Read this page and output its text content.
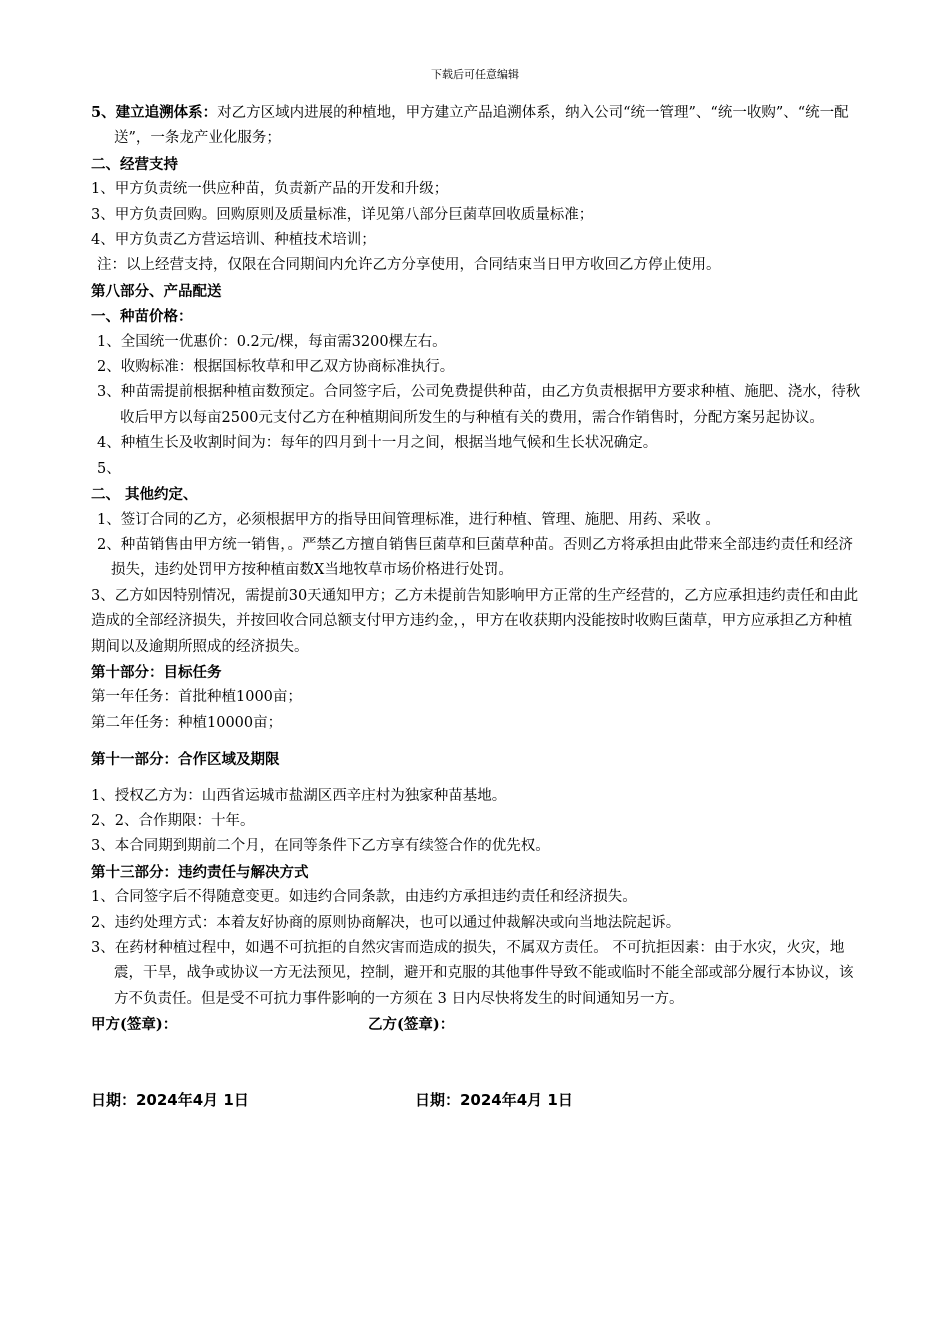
下载后可任意编辑
5、建立追溯体系：对乙方区域内进展的种植地，甲方建立产品追溯体系，纳入公司“统一管理”、“统一收购”、“统一配送”，一条龙产业化服务；
二、经营支持
1、甲方负责统一供应种苗，负责新产品的开发和升级；
3、甲方负责回购。回购原则及质量标准，详见第八部分巨菌草回收质量标准；
4、甲方负责乙方营运培训、种植技术培训；
注：以上经营支持，仅限在合同期间内允许乙方分享使用，合同结束当日甲方收回乙方停止使用。
第八部分、产品配送
一、种苗价格：
1、全国统一优惠价：0.2元/棵，每亩需3200棵左右。
2、收购标准：根据国标牧草和甲乙双方协商标准执行。
3、种苗需提前根据种植亩数预定。合同签字后，公司免费提供种苗，由乙方负责根据甲方要求种植、施肥、浇水，待秋收后甲方以每亩2500元支付乙方在种植期间所发生的与种植有关的费用，需合作销售时，分配方案另起协议。
4、种植生长及收割时间为：每年的四月到十一月之间，根据当地气候和生长状况确定。
5、
二、 其他约定、
1、签订合同的乙方，必须根据甲方的指导田间管理标准，进行种植、管理、施肥、用药、采收 。
2、种苗销售由甲方统一销售，。严禁乙方擅自销售巨菌草和巨菌草种苗。否则乙方将承担由此带来全部违约责任和经济损失，违约处罚甲方按种植亩数X当地牧草市场价格进行处罚。
3、乙方如因特别情况，需提前30天通知甲方；乙方未提前告知影响甲方正常的生产经营的，乙方应承担违约责任和由此造成的全部经济损失，并按回收合同总额支付甲方违约金，，甲方在收获期内没能按时收购巨菌草，甲方应承担乙方种植期间以及逾期所照成的经济损失。
第十部分：目标任务
第一年任务：首批种植1000亩；
第二年任务：种植10000亩；
第十一部分：合作区域及期限
1、授权乙方为：山西省运城市盐湖区西辛庄村为独家种苗基地。
2、2、合作期限：十年。
3、本合同期到期前二个月，在同等条件下乙方享有续签合作的优先权。
第十三部分：违约责任与解决方式
1、合同签字后不得随意变更。如违约合同条款，由违约方承担违约责任和经济损失。
2、违约处理方式：本着友好协商的原则协商解决，也可以通过仲裁解决或向当地法院起诉。
3、在药材种植过程中，如遇不可抗拒的自然灾害而造成的损失，不属双方责任。 不可抗拒因素：由于水灾，火灾，地震，干旱，战争或协议一方无法预见，控制，避开和克服的其他事件导致不能或临时不能全部或部分履行本协议，该方不负责任。但是受不可抗力事件影响的一方须在 3 日内尽快将发生的时间通知另一方。
甲方(签章)：	乙方(签章)：
日期：2024年4月 1日	日期：2024年4月 1日
